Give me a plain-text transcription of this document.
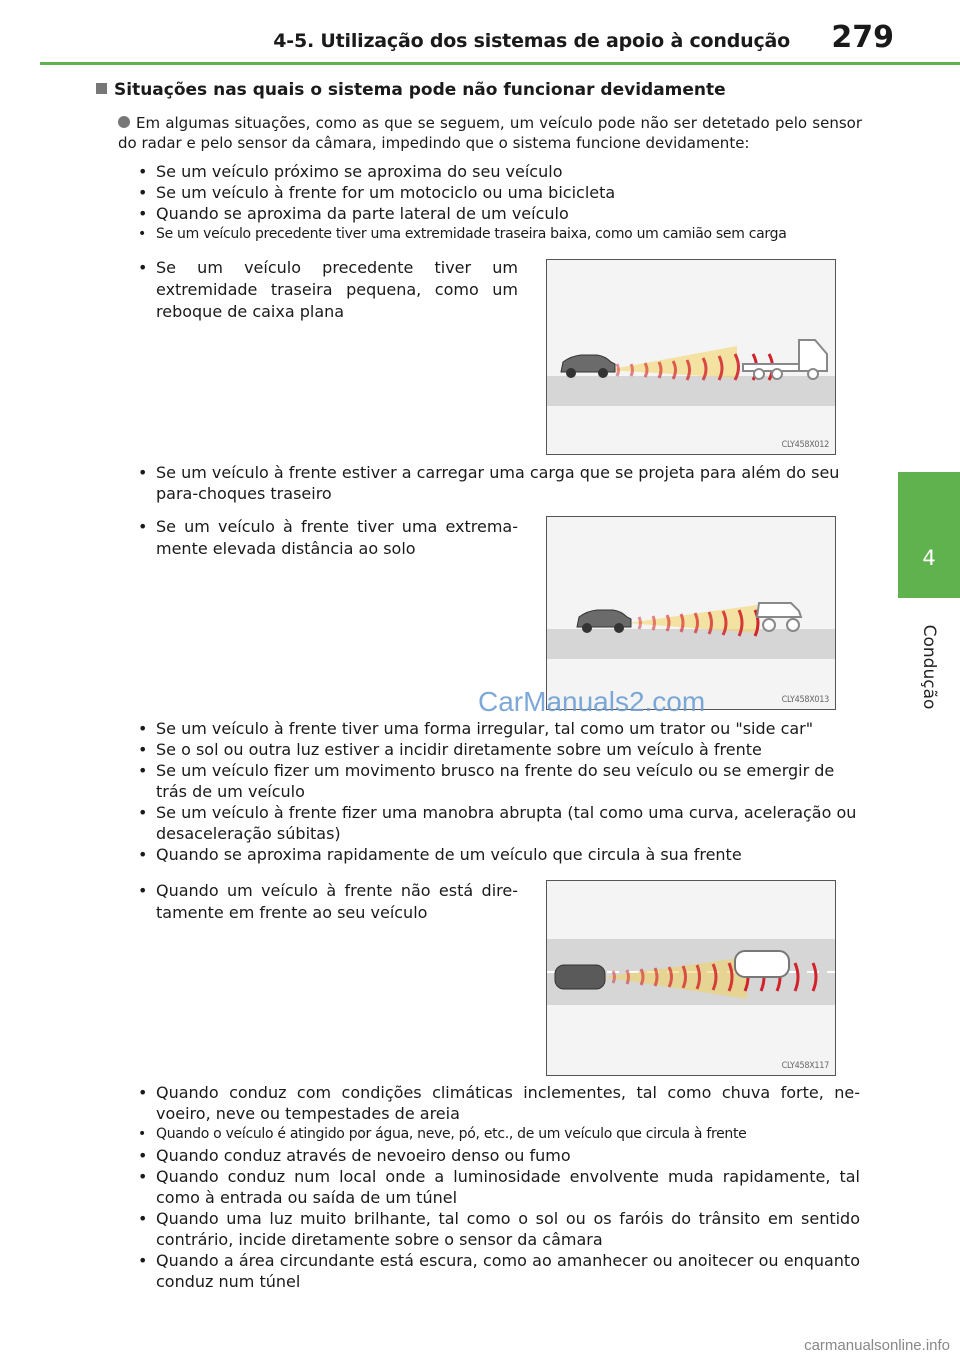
4-5. Utilização dos sistemas de apoio à condução 279
4
Condução
Situações nas quais o sistema pode não funcionar devidamente
Em algumas situações, como as que se seguem, um veículo pode não ser detetado pelo sensor do radar e pelo sensor da câmara, impedindo que o sistema funcione devidamente:
• Se um veículo próximo se aproxima do seu veículo
• Se um veículo à frente for um motociclo ou uma bicicleta
• Quando se aproxima da parte lateral de um veículo
• Se um veículo precedente tiver uma extremidade traseira baixa, como um camião sem carga
• Se um veículo precedente tiver um extremidade traseira pequena, como um reboque de caixa plana
CLY458X012
• Se um veículo à frente estiver a carregar uma carga que se projeta para além do seu para-choques traseiro
• Se um veículo à frente tiver uma extrema- mente elevada distância ao solo
CLY458X013
• Se um veículo à frente tiver uma forma irregular, tal como um trator ou "side car"
• Se o sol ou outra luz estiver a incidir diretamente sobre um veículo à frente
• Se um veículo fizer um movimento brusco na frente do seu veículo ou se emergir de trás de um veículo
• Se um veículo à frente fizer uma manobra abrupta (tal como uma curva, aceleração ou desaceleração súbitas)
• Quando se aproxima rapidamente de um veículo que circula à sua frente
• Quando um veículo à frente não está dire- tamente em frente ao seu veículo
CLY458X117
• Quando conduz com condições climáticas inclementes, tal como chuva forte, ne- voeiro, neve ou tempestades de areia
• Quando o veículo é atingido por água, neve, pó, etc., de um veículo que circula à frente
• Quando conduz através de nevoeiro denso ou fumo
• Quando conduz num local onde a luminosidade envolvente muda rapidamente, tal como à entrada ou saída de um túnel
• Quando uma luz muito brilhante, tal como o sol ou os faróis do trânsito em sentido contrário, incide diretamente sobre o sensor da câmara
• Quando a área circundante está escura, como ao amanhecer ou anoitecer ou enquanto conduz num túnel
CarManuals2.com
carmanualsonline.info
